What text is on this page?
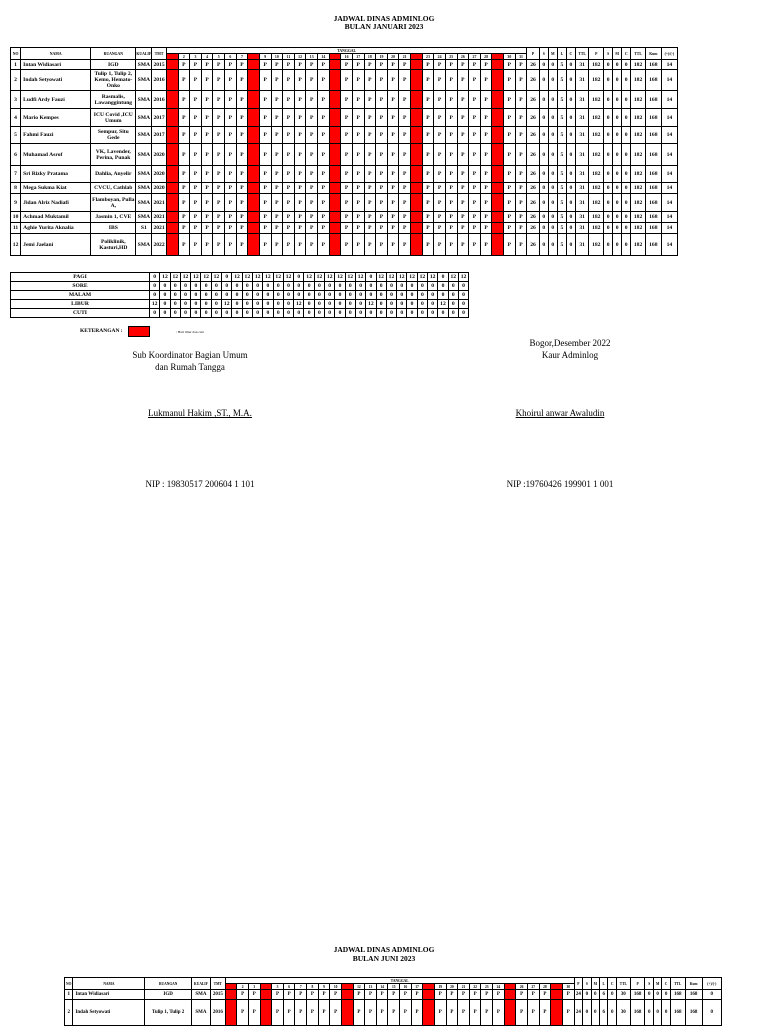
JADWAL DINAS ADMINLOG
BULAN JANUARI 2023
NO	NAMA	RUANGAN	KUALIF	TMT	TANGGAL																															P	S	M	L	C	TTL	P	S	M	C	TTL	Kum	(+)/(-)
					1	2	3	4	5	6	7	8	9	10	11	12	13	14	15	16	17	18	19	20	21	22	23	24	25	26	27	28	29	30	31													
1	Intan Widiasari	IGD	SMA	2015	L	P	P	P	P	P	P	L	P	P	P	P	P	P	L	P	P	P	P	P	P	L	P	P	P	P	P	P	L	P	P	26	0	0	5	0	31	182	0	0	0	182	168	14
2	Indah Setyowati	Tulip 1, Tulip 2, Kemo, Hemato-Onko	SMA	2016	L	P	P	P	P	P	P	L	P	P	P	P	P	P	L	P	P	P	P	P	P	L	P	P	P	P	P	P	L	P	P	26	0	0	5	0	31	182	0	0	0	182	168	14
3	Ludfi Ardy Fauzi	Rasmalis, Lawanggintung	SMA	2016	L	P	P	P	P	P	P	L	P	P	P	P	P	P	L	P	P	P	P	P	P	L	P	P	P	P	P	P	L	P	P	26	0	0	5	0	31	182	0	0	0	182	168	14
4	Mario Kempes	ICU Covid ,ICU Umum	SMA	2017	L	P	P	P	P	P	P	L	P	P	P	P	P	P	L	P	P	P	P	P	P	L	P	P	P	P	P	P	L	P	P	26	0	0	5	0	31	182	0	0	0	182	168	14
5	Fahmi Fauzi	Sempur, Situ Gede	SMA	2017	L	P	P	P	P	P	P	L	P	P	P	P	P	P	L	P	P	P	P	P	P	L	P	P	P	P	P	P	L	P	P	26	0	0	5	0	31	182	0	0	0	182	168	14
6	Muhamad Asrof	VK, Lavender, Perina, Punak	SMA	2020	L	P	P	P	P	P	P	L	P	P	P	P	P	P	L	P	P	P	P	P	P	L	P	P	P	P	P	P	L	P	P	26	0	0	5	0	31	182	0	0	0	182	168	14
7	Sri Rizky Pratama	Dahlia, Anyelir	SMA	2020	L	P	P	P	P	P	P	L	P	P	P	P	P	P	L	P	P	P	P	P	P	L	P	P	P	P	P	P	L	P	P	26	0	0	5	0	31	182	0	0	0	182	168	14
8	Mega Sukma Kiat	CVCU, Cathlab	SMA	2020	L	P	P	P	P	P	P	L	P	P	P	P	P	P	L	P	P	P	P	P	P	L	P	P	P	P	P	P	L	P	P	26	0	0	5	0	31	182	0	0	0	182	168	14
9	Jidan Alriz Nadiafi	Flamboyan, Pulla A,	SMA	2021	L	P	P	P	P	P	P	L	P	P	P	P	P	P	L	P	P	P	P	P	P	L	P	P	P	P	P	P	L	P	P	26	0	0	5	0	31	182	0	0	0	182	168	14
10	Achmad Muktamil	Jasmin 1, CVE	SMA	2021	L	P	P	P	P	P	P	L	P	P	P	P	P	P	L	P	P	P	P	P	P	L	P	P	P	P	P	P	L	P	P	26	0	0	5	0	31	182	0	0	0	182	168	14
11	Aghie Yurita Aknalia	IBS	S1	2021	L	P	P	P	P	P	P	L	P	P	P	P	P	P	L	P	P	P	P	P	P	L	P	P	P	P	P	P	L	P	P	26	0	0	5	0	31	182	0	0	0	182	168	14
12	Jemi Jaelani	Poliklinik, Kasturi,HD	SMA	2022	L	P	P	P	P	P	P	L	P	P	P	P	P	P	L	P	P	P	P	P	P	L	P	P	P	P	P	P	L	P	P	26	0	0	5	0	31	182	0	0	0	182	168	14
PAGI	0	12	12	12	12	12	12	0	12	12	12	12	12	12	0	12	12	12	12	12	12	0	12	12	12	12	12	12	0	12	12
SORE	0	0	0	0	0	0	0	0	0	0	0	0	0	0	0	0	0	0	0	0	0	0	0	0	0	0	0	0	0	0	0
MALAM	0	0	0	0	0	0	0	0	0	0	0	0	0	0	0	0	0	0	0	0	0	0	0	0	0	0	0	0	0	0	0
LIBUR	12	0	0	0	0	0	0	12	0	0	0	0	0	0	12	0	0	0	0	0	0	12	0	0	0	0	0	0	12	0	0
CUTI	0	0	0	0	0	0	0	0	0	0	0	0	0	0	0	0	0	0	0	0	0	0	0	0	0	0	0	0	0	0	0
KETERANGAN :	: Hari libur dan cuti
Sub Koordinator Bagian Umum
dan Rumah Tangga
Lukmanul Hakim ,ST., M.A.
NIP : 19830517 200604 1 101
Bogor,Desember 2022
Kaur Adminlog
Khoirul anwar Awaludin
NIP :19760426 199901 1 001
JADWAL DINAS ADMINLOG
BULAN JUNI 2023
NO	NAMA	RUANGAN	KUALIF	TMT	TANGGAL																														P	S	M	L	C	TTL	P	S	M	C	TTL	Kum	(+)/(-)
					1	2	3	4	5	6	7	8	9	10	11	12	13	14	15	16	17	18	19	20	21	22	23	24	25	26	27	28	29	30													
1	Intan Widiasari	IGD	SMA	2015	L	P	P	L	P	P	P	P	P	P	L	P	P	P	P	P	P	L	P	P	P	P	P	P	L	P	P	P	L	P	24	0	0	6	0	30	168	0	0	0	168	168	0
2	Indah Setyowati	Tulip 1, Tulip 2	SMA	2016	L	P	P	L	P	P	P	P	P	P	L	P	P	P	P	P	P	L	P	P	P	P	P	P	L	P	P	P	L	P	24	0	0	6	0	30	168	0	0	0	168	168	0
